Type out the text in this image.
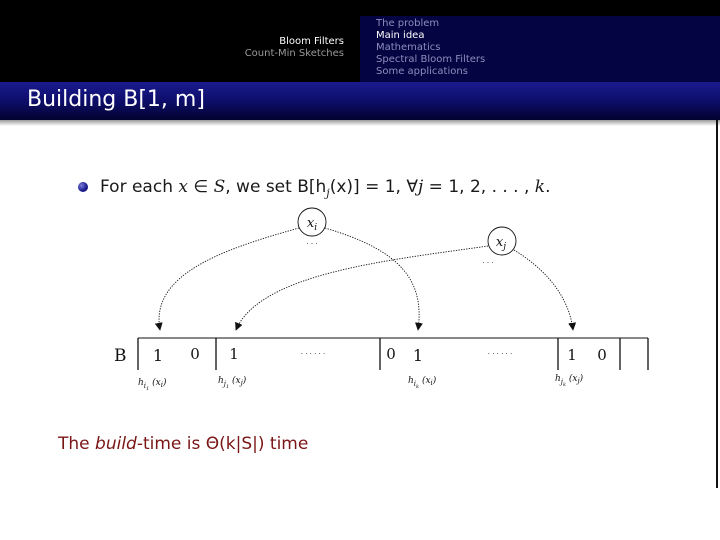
Bloom Filters
Count-Min Sketches
The problem
Main idea
Mathematics
Spectral Bloom Filters
Some applications
Building B[1, m]
For each x ∈ S, we set $B[h_j(x)] = 1$, ∀j = 1, 2, . . . , k.
B 1 0 1	· · · · · ·	0 1	· · · · · ·	1 0
$x_i$
· · ·	$x_j$
· · ·
$h_{i1}$ $(x_i)$	$h_{j1}$ $(x_j)$	$h_{ik}$ $(x_i)$	$h_{jk}$ $(x_j)$
The build-time is Θ(k|S|) time
